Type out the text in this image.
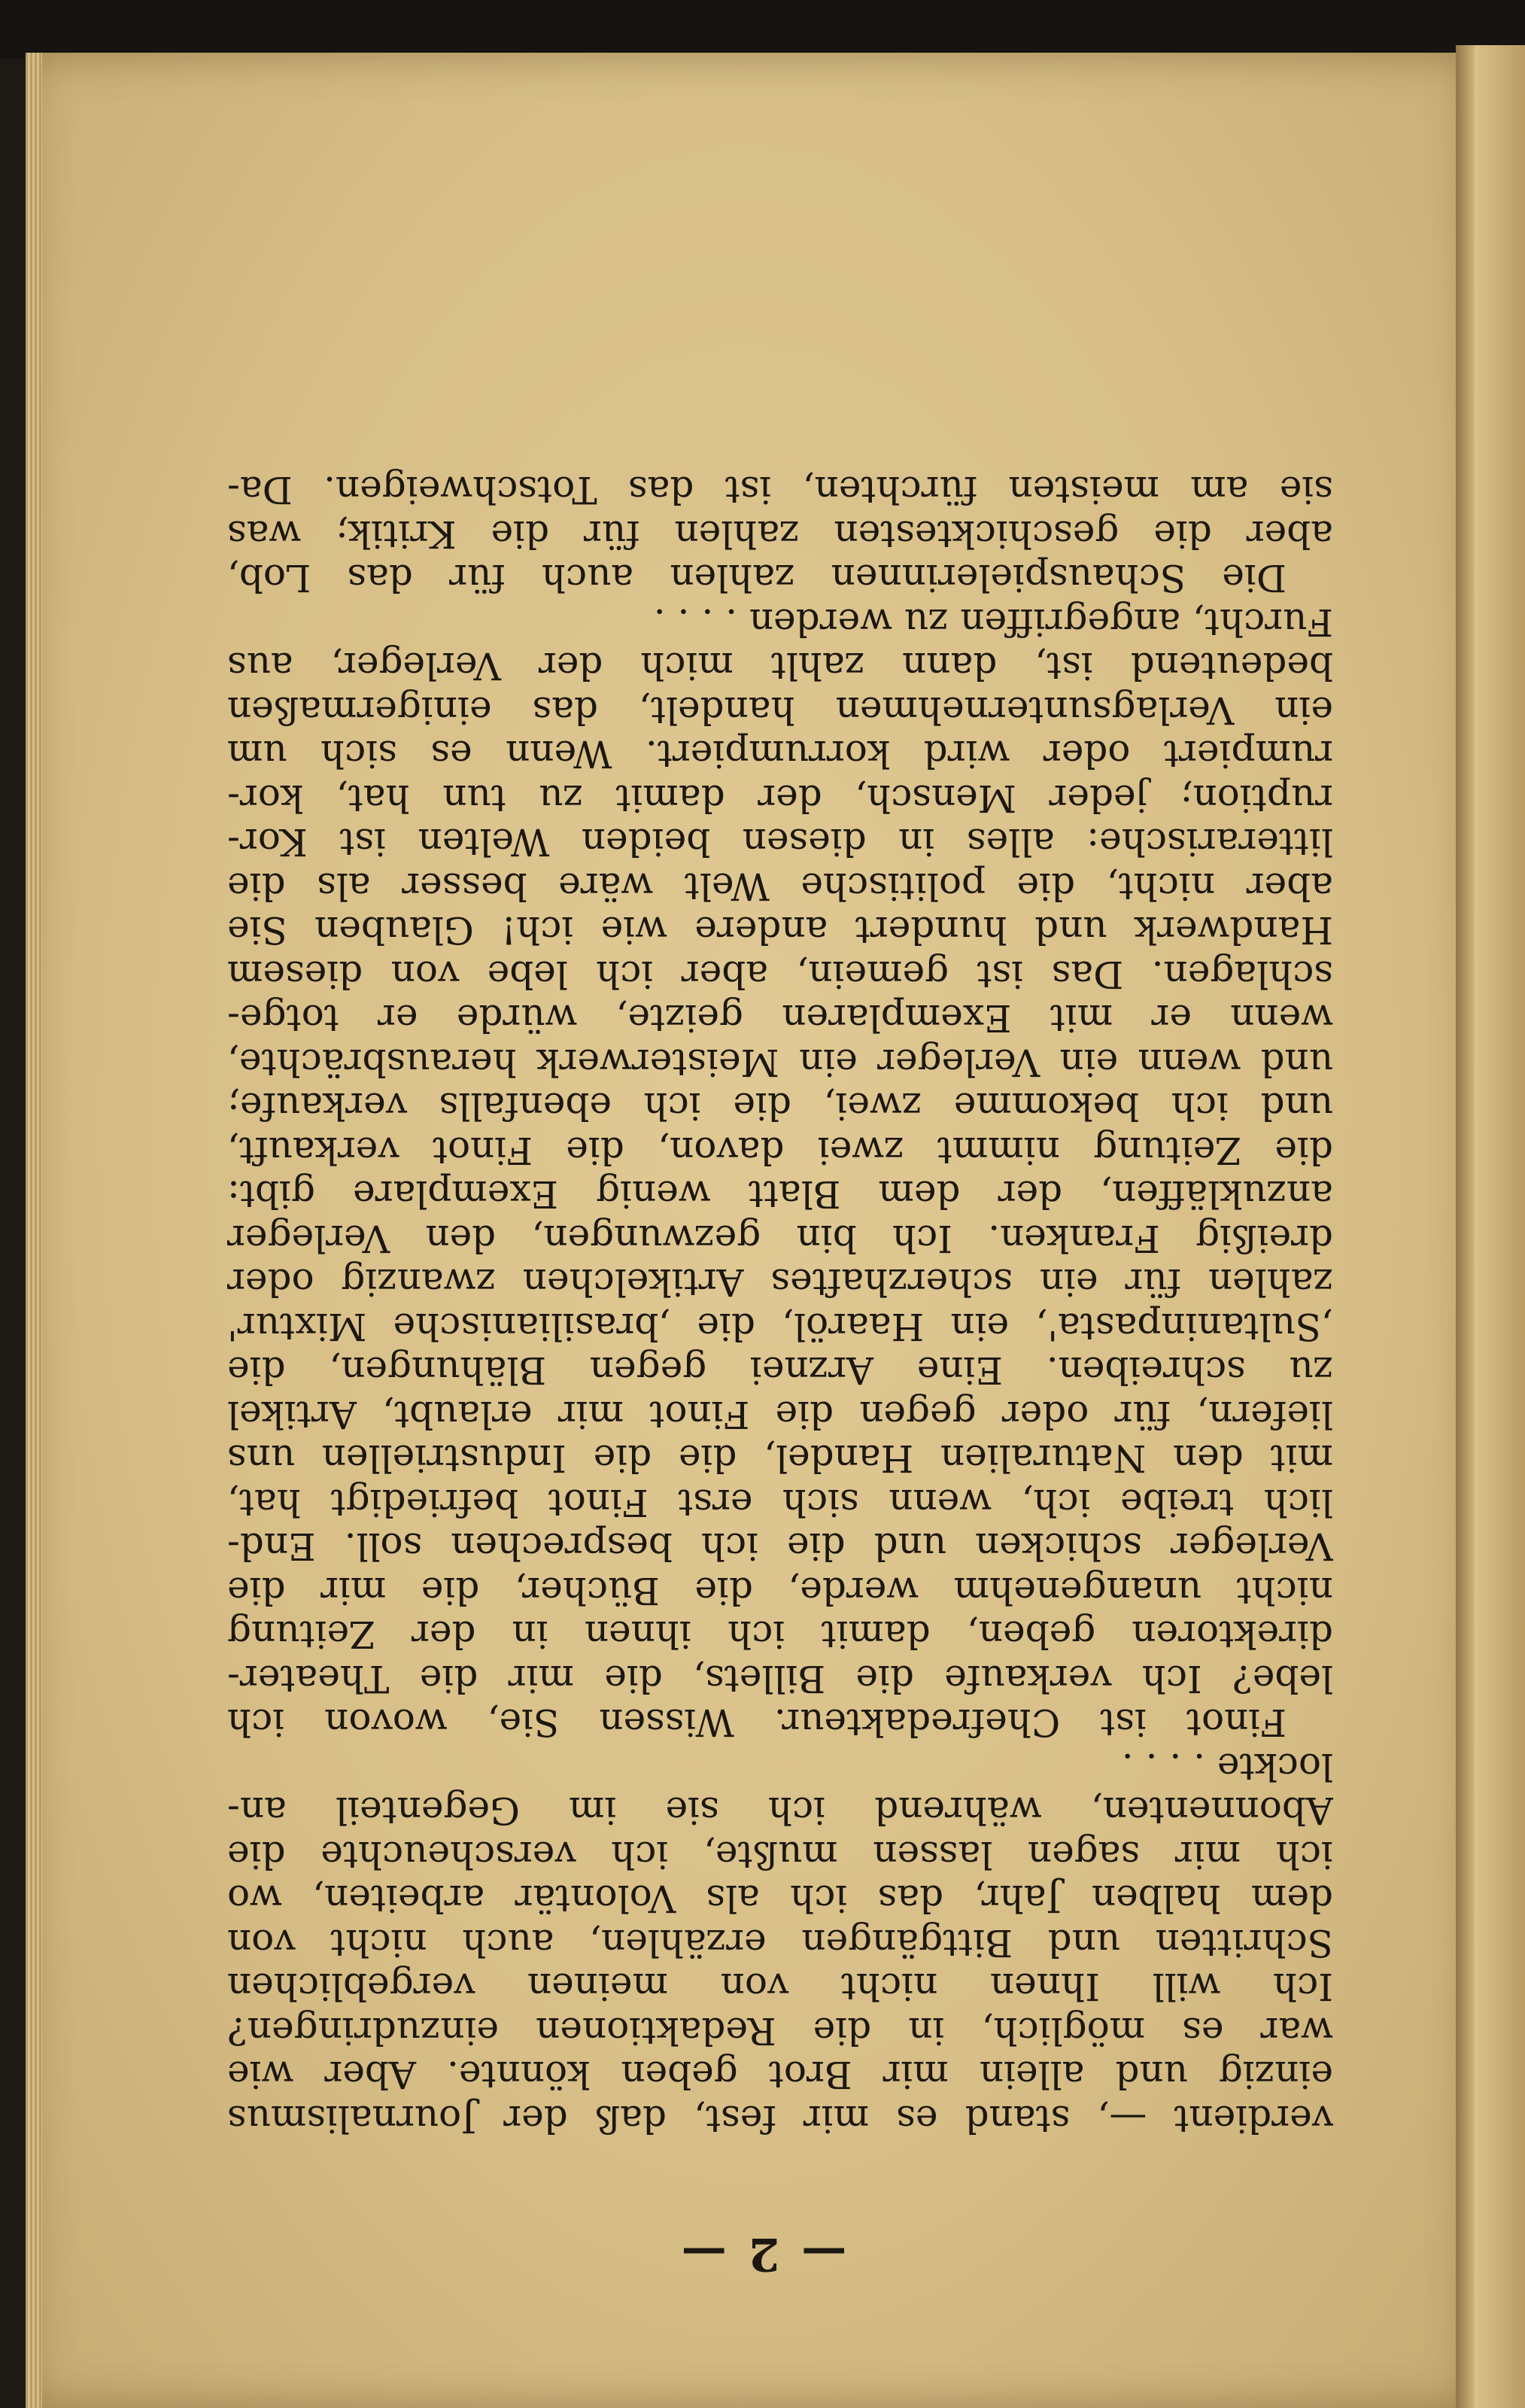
— 2 —
verdient —, stand es mir fest, daß der Journalismus
einzig und allein mir Brot geben könnte. Aber wie
war es möglich, in die Redaktionen einzudringen?
Ich will Ihnen nicht von meinen vergeblichen
Schritten und Bittgängen erzählen, auch nicht von
dem halben Jahr, das ich als Volontär arbeiten, wo
ich mir sagen lassen mußte, ich verscheuchte die
Abonnenten, während ich sie im Gegenteil an-
lockte . . . .
Finot ist Chefredakteur. Wissen Sie, wovon ich
lebe? Ich verkaufe die Billets, die mir die Theater-
direktoren geben, damit ich ihnen in der Zeitung
nicht unangenehm werde, die Bücher, die mir die
Verleger schicken und die ich besprechen soll. End-
lich treibe ich, wenn sich erst Finot befriedigt hat,
mit den Naturalien Handel, die die Industriellen uns
liefern, für oder gegen die Finot mir erlaubt, Artikel
zu schreiben. Eine Arznei gegen Blähungen, die
‚Sultaninpasta', ein Haaröl, die ‚brasilianische Mixtur'
zahlen für ein scherzhaftes Artikelchen zwanzig oder
dreißig Franken. Ich bin gezwungen, den Verleger
anzukläffen, der dem Blatt wenig Exemplare gibt:
die Zeitung nimmt zwei davon, die Finot verkauft,
und ich bekomme zwei, die ich ebenfalls verkaufe;
und wenn ein Verleger ein Meisterwerk herausbrächte,
wenn er mit Exemplaren geizte, würde er totge-
schlagen. Das ist gemein, aber ich lebe von diesem
Handwerk und hundert andere wie ich! Glauben Sie
aber nicht, die politische Welt wäre besser als die
litterarische: alles in diesen beiden Welten ist Kor-
ruption; jeder Mensch, der damit zu tun hat, kor-
rumpiert oder wird korrumpiert. Wenn es sich um
ein Verlagsunternehmen handelt, das einigermaßen
bedeutend ist, dann zahlt mich der Verleger, aus
Furcht, angegriffen zu werden . . . .
Die Schauspielerinnen zahlen auch für das Lob,
aber die geschicktesten zahlen für die Kritik; was
sie am meisten fürchten, ist das Totschweigen. Da-
